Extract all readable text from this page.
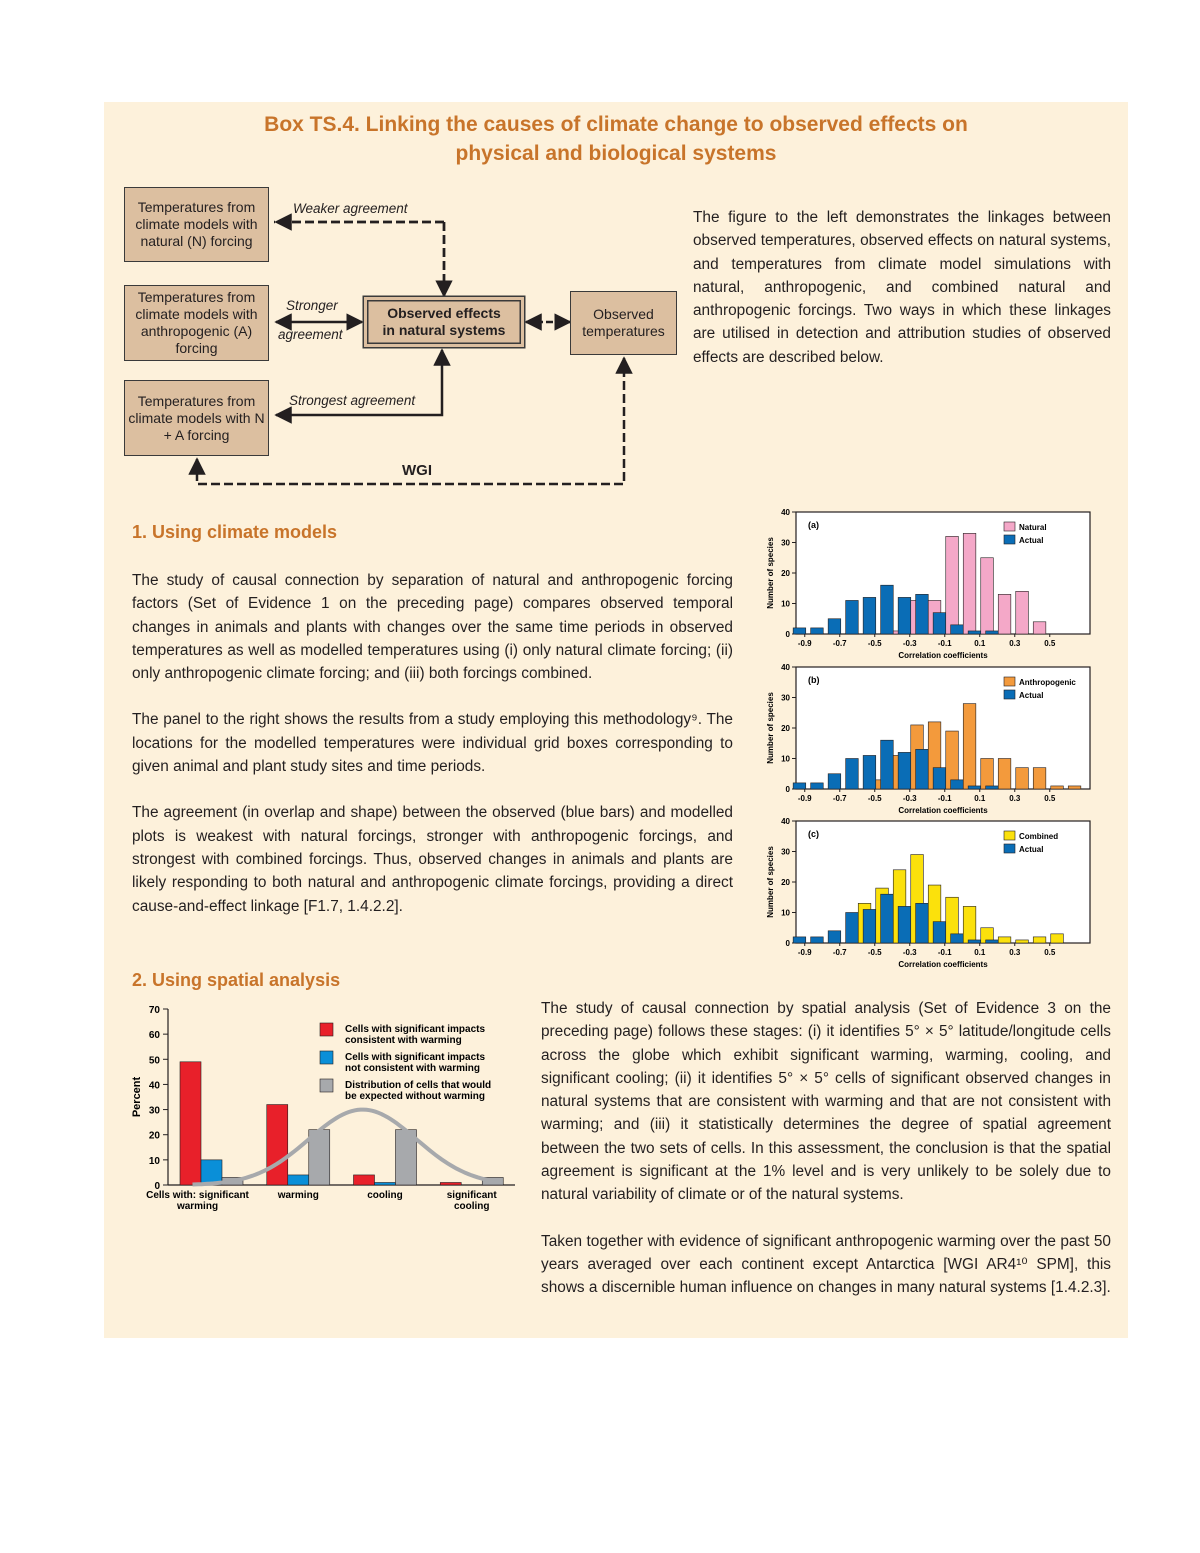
Box TS.4. Linking the causes of climate change to observed effects on
physical and biological systems
Temperatures from climate models with natural (N) forcing
Temperatures from climate models with anthropogenic (A) forcing
Temperatures from climate models with N + A forcing
Observed effects
in natural systems
Observed
temperatures
Weaker agreement
Stronger
agreement
Strongest agreement
WGI
The figure to the left demonstrates the linkages between observed temperatures, observed effects on natural systems, and temperatures from climate model simulations with natural, anthropogenic, and combined natural and anthropogenic forcings. Two ways in which these linkages are utilised in detection and attribution studies of observed effects are described below.
1. Using climate models

The study of causal connection by separation of natural and anthropogenic forcing factors (Set of Evidence 1 on the preceding page) compares observed temporal changes in animals and plants with changes over the same time periods in observed temperatures as well as modelled temperatures using (i) only natural climate forcing; (ii) only anthropogenic climate forcing; and (iii) both forcings combined.

The panel to the right shows the results from a study employing this methodology⁹. The locations for the modelled temperatures were individual grid boxes corresponding to given animal and plant study sites and time periods.

The agreement (in overlap and shape) between the observed (blue bars) and modelled plots is weakest with natural forcings, stronger with anthropogenic forcings, and strongest with combined forcings. Thus, observed changes in animals and plants are likely responding to both natural and anthropogenic climate forcings, providing a direct cause-and-effect linkage [F1.7, 1.4.2.2].

0
10
20
30
40
-0.9	-0.7	-0.5	-0.3	-0.1	0.1	0.3	0.5
(a)	Natural
Actual
Correlation coefficients
Number of species
0
10
20
30
40
-0.9	-0.7	-0.5	-0.3	-0.1	0.1	0.3	0.5
(b)	Anthropogenic
Actual
Correlation coefficients
Number of species
0
10
20
30
40
-0.9	-0.7	-0.5	-0.3	-0.1	0.1	0.3	0.5
(c)	Combined
Actual
Correlation coefficients
Number of species
2. Using spatial analysis
0
10
20
30
40
50
60
70
Percent
Cells with: significant
warming
warming	cooling	significant
cooling
Cells with significant impacts
consistent with warming
Cells with significant impacts
not consistent with warming
Distribution of cells that would
be expected without warming

The study of causal connection by spatial analysis (Set of Evidence 3 on the preceding page) follows these stages: (i) it identifies 5° × 5° latitude/longitude cells across the globe which exhibit significant warming, warming, cooling, and significant cooling; (ii) it identifies 5° × 5° cells of significant observed changes in natural systems that are consistent with warming and that are not consistent with warming; and (iii) it statistically determines the degree of spatial agreement between the two sets of cells. In this assessment, the conclusion is that the spatial agreement is significant at the 1% level and is very unlikely to be solely due to natural variability of climate or of the natural systems.

Taken together with evidence of significant anthropogenic warming over the past 50 years averaged over each continent except Antarctica [WGI AR4¹⁰ SPM], this shows a discernible human influence on changes in many natural systems [1.4.2.3].
